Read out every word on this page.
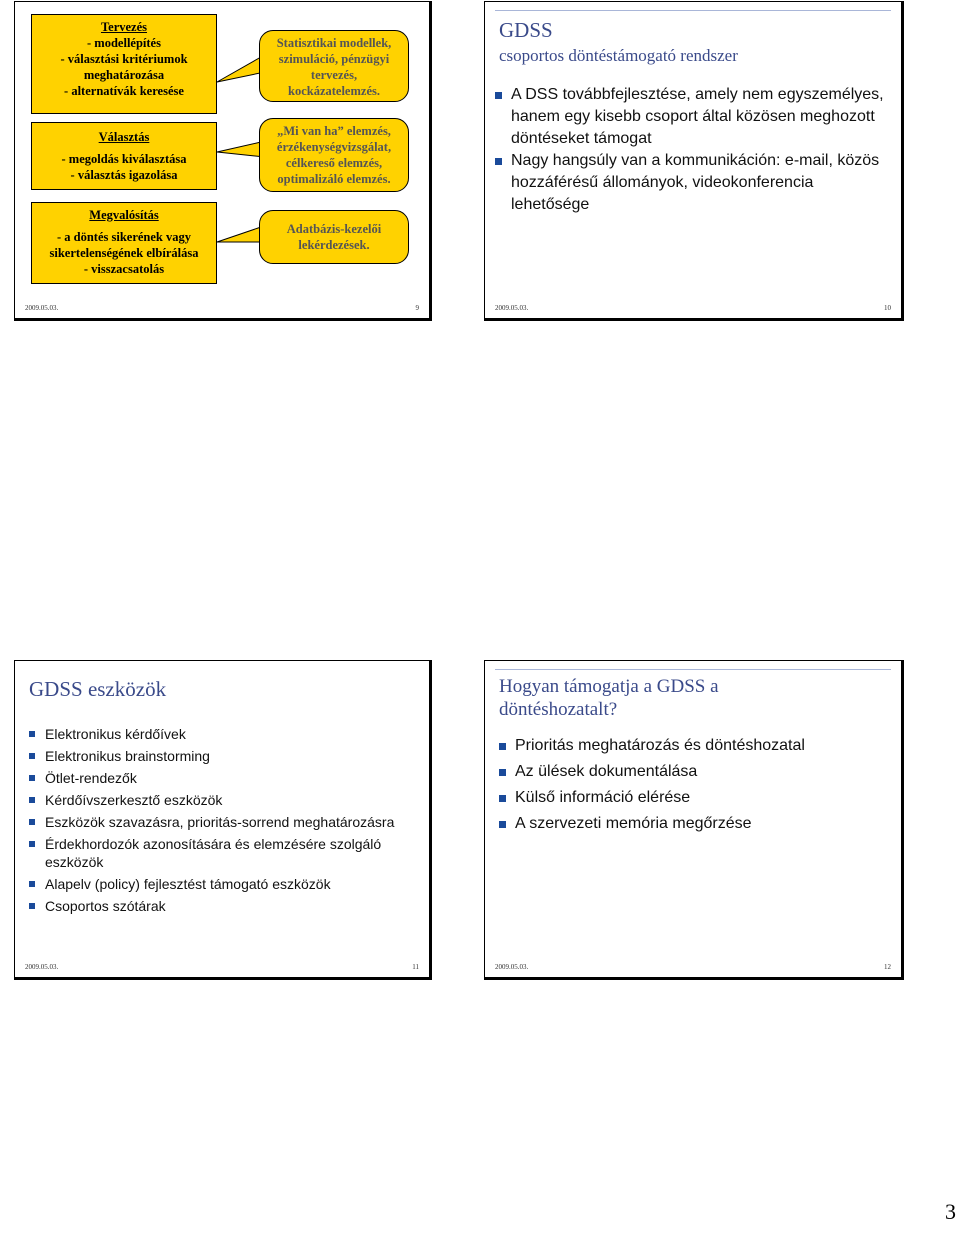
Tervezés
- modellépítés
- választási kritériumok
meghatározása
- alternatívák keresése
Választás
- megoldás kiválasztása
- választás igazolása
Megvalósítás
- a döntés sikerének vagy
sikertelenségének elbírálása
- visszacsatolás
Statisztikai modellek,
szimuláció, pénzügyi
tervezés,
kockázatelemzés.
„Mi van ha” elemzés,
érzékenységvizsgálat,
célkereső elemzés,
optimalizáló elemzés.
Adatbázis-kezelői
lekérdezések.
2009.05.03.	9
GDSS
csoportos döntéstámogató rendszer
A DSS továbbfejlesztése, amely nem egyszemélyes, hanem egy kisebb csoport által közösen meghozott döntéseket támogat
Nagy hangsúly van a kommunikáción: e-mail, közös hozzáférésű állományok, videokonferencia lehetősége
2009.05.03.	10
GDSS eszközök
Elektronikus kérdőívek
Elektronikus brainstorming
Ötlet-rendezők
Kérdőívszerkesztő eszközök
Eszközök szavazásra, prioritás-sorrend meghatározásra
Érdekhordozók azonosítására és elemzésére szolgáló eszközök
Alapelv (policy) fejlesztést támogató eszközök
Csoportos szótárak
2009.05.03.	11
Hogyan támogatja a GDSS a döntéshozatalt?
Prioritás meghatározás és döntéshozatal
Az ülések dokumentálása
Külső információ elérése
A szervezeti memória megőrzése
2009.05.03.	12
3
